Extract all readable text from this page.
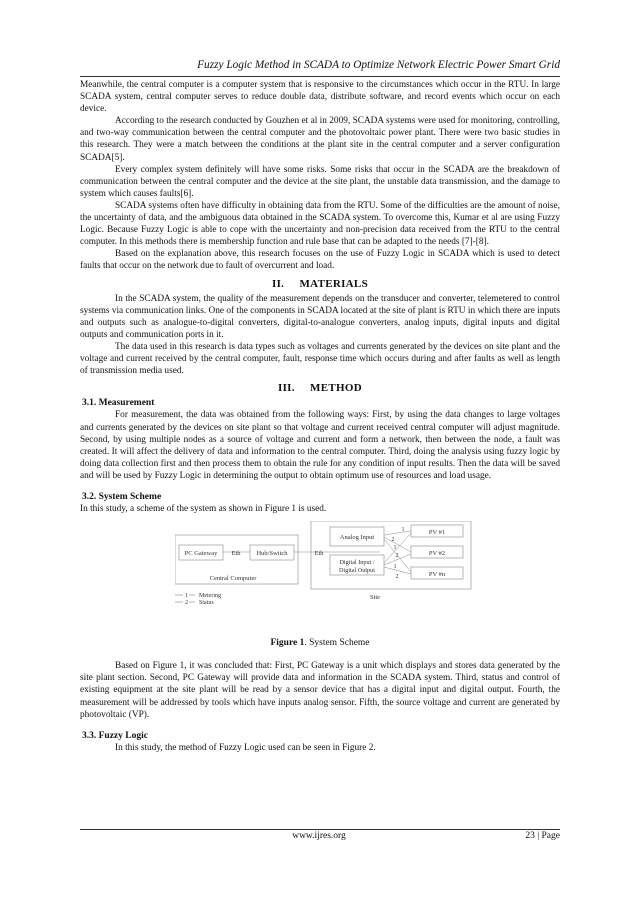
Fuzzy Logic Method in SCADA to Optimize Network Electric Power Smart Grid

Meanwhile, the central computer is a computer system that is responsive to the circumstances which occur in the RTU. In large SCADA system, central computer serves to reduce double data, distribute software, and record events which occur on each device.

According to the research conducted by Gouzhen et al in 2009, SCADA systems were used for monitoring, controlling, and two-way communication between the central computer and the photovoltaic power plant. There were two basic studies in this research. They were a match between the conditions at the plant site in the central computer and a server configuration SCADA[5].

Every complex system definitely will have some risks. Some risks that occur in the SCADA are the breakdown of communication between the central computer and the device at the site plant, the unstable data transmission, and the damage to system which causes faults[6].

SCADA systems often have difficulty in obtaining data from the RTU. Some of the difficulties are the amount of noise, the uncertainty of data, and the ambiguous data obtained in the SCADA system. To overcome this, Kumar et al are using Fuzzy Logic. Because Fuzzy Logic is able to cope with the uncertainty and non-precision data received from the RTU to the central computer. In this methods there is membership function and rule base that can be adapted to the needs [7]-[8].

Based on the explanation above, this research focuses on the use of Fuzzy Logic in SCADA which is used to detect faults that occur on the network due to fault of overcurrent and load.

II.     MATERIALS

In the SCADA system, the quality of the measurement depends on the transducer and converter, telemetered to control systems via communication links. One of the components in SCADA located at the site of plant is RTU in which there are inputs and outputs such as analogue-to-digital converters, digital-to-analogue converters, analog inputs, digital inputs and digital outputs and communication ports in it.

The data used in this research is data types such as voltages and currents generated by the devices on site plant and the voltage and current received by the central computer, fault, response time which occurs during and after faults as well as length of transmission media used.

III.     METHOD
3.1. Measurement

For measurement, the data was obtained from the following ways: First, by using the data changes to large voltages and currents generated by the devices on site plant so that voltage and current received central computer will adjust magnitude. Second, by using multiple nodes as a source of voltage and current and form a network, then between the node, a fault was created. It will affect the delivery of data and information to the central computer. Third, doing the analysis using fuzzy logic by doing data collection first and then process them to obtain the rule for any condition of input results. Then the data will be saved and will be used by Fuzzy Logic in determining the output to obtain optimum use of resources and load usage.

3.2. System Scheme

In this study, a scheme of the system as shown in Figure 1 is used.

PC Gateway Eth Hub/Switch
Central Computer
Eth
Analog Input
Digital Input /
Digital Output
Site
PV #1
PV #2
PV #n
1
2
1
2
1
2
1 Metering
2 Status
Figure 1. System Scheme

Based on Figure 1, it was concluded that: First, PC Gateway is a unit which displays and stores data generated by the site plant section. Second, PC Gateway will provide data and information in the SCADA system. Third, status and control of existing equipment at the site plant will be read by a sensor device that has a digital input and digital output. Fourth, the measurement will be addressed by tools which have inputs analog sensor. Fifth, the source voltage and current are generated by photovoltaic (VP).

3.3. Fuzzy Logic

In this study, the method of Fuzzy Logic used can be seen in Figure 2.

www.ijres.org	23 | Page
